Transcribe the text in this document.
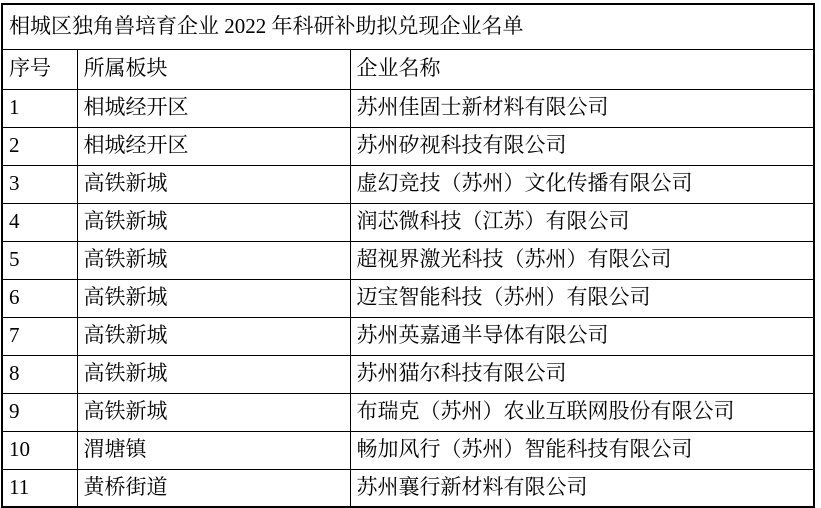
相城区独角兽培育企业 2022 年科研补助拟兑现企业名单		
序号	所属板块	企业名称
1	相城经开区	苏州佳固士新材料有限公司
2	相城经开区	苏州矽视科技有限公司
3	高铁新城	虚幻竞技（苏州）文化传播有限公司
4	高铁新城	润芯微科技（江苏）有限公司
5	高铁新城	超视界激光科技（苏州）有限公司
6	高铁新城	迈宝智能科技（苏州）有限公司
7	高铁新城	苏州英嘉通半导体有限公司
8	高铁新城	苏州猫尔科技有限公司
9	高铁新城	布瑞克（苏州）农业互联网股份有限公司
10	渭塘镇	畅加风行（苏州）智能科技有限公司
11	黄桥街道	苏州襄行新材料有限公司
